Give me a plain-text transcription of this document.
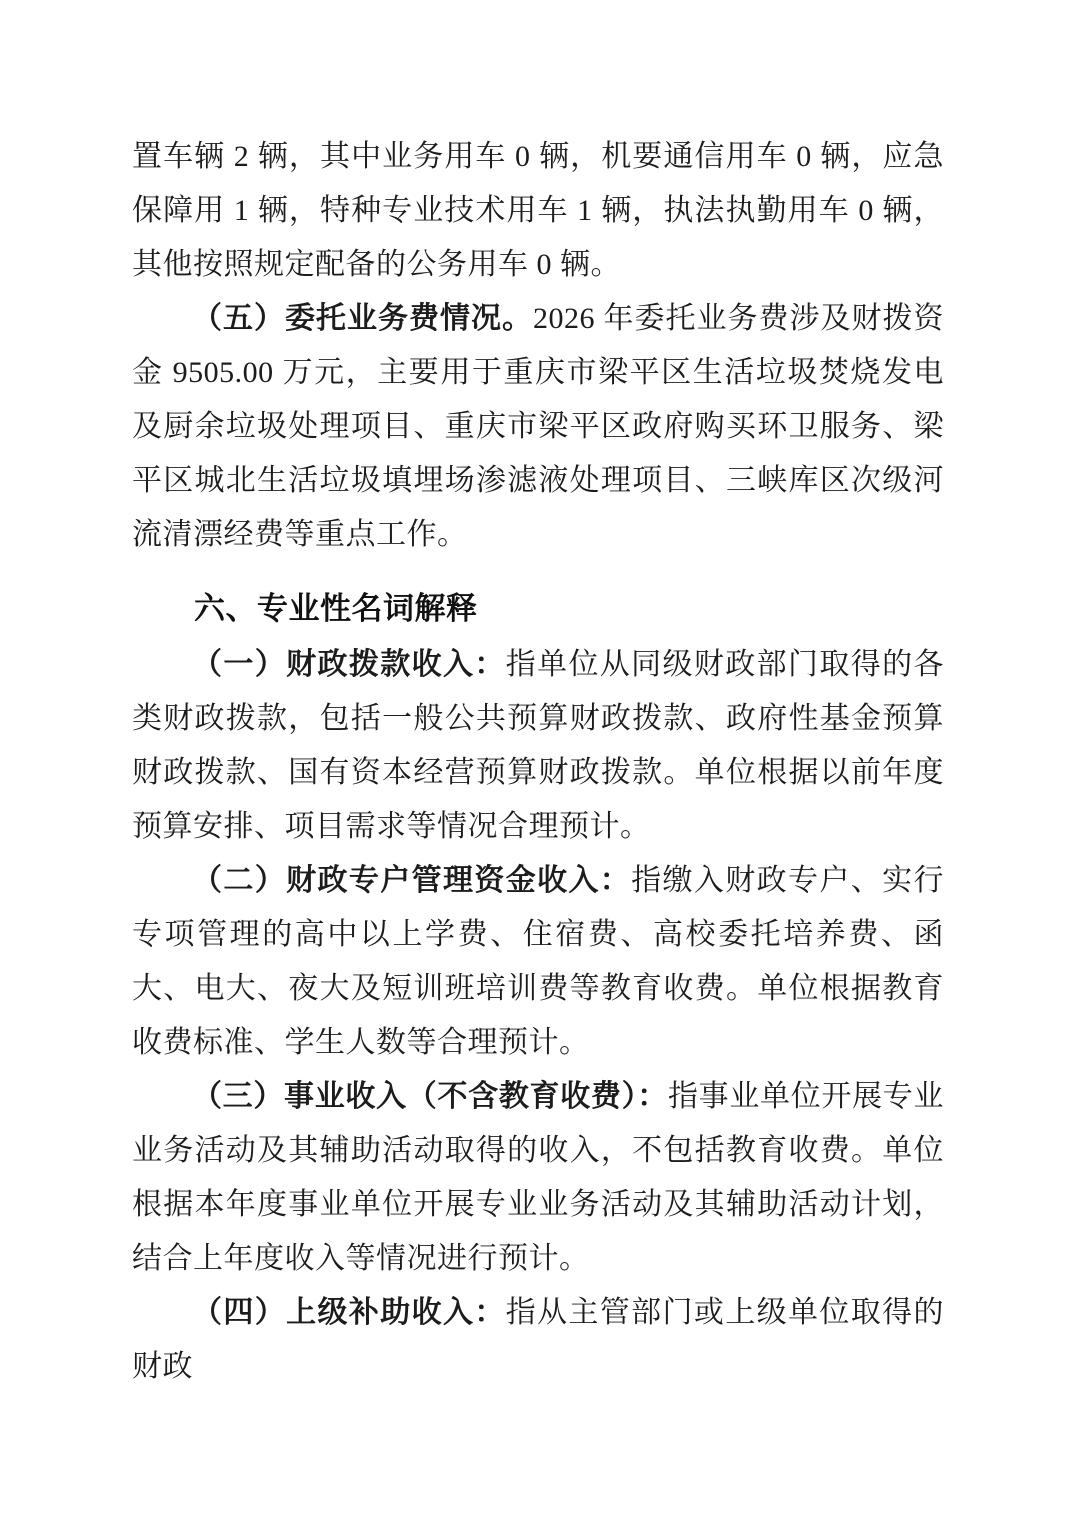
置车辆 2 辆，其中业务用车 0 辆，机要通信用车 0 辆，应急保障用 1 辆，特种专业技术用车 1 辆，执法执勤用车 0 辆，其他按照规定配备的公务用车 0 辆。

（五）委托业务费情况。2026 年委托业务费涉及财拨资金 9505.00 万元，主要用于重庆市梁平区生活垃圾焚烧发电及厨余垃圾处理项目、重庆市梁平区政府购买环卫服务、梁平区城北生活垃圾填埋场渗滤液处理项目、三峡库区次级河流清漂经费等重点工作。

六、专业性名词解释

（一）财政拨款收入：指单位从同级财政部门取得的各类财政拨款，包括一般公共预算财政拨款、政府性基金预算财政拨款、国有资本经营预算财政拨款。单位根据以前年度预算安排、项目需求等情况合理预计。

（二）财政专户管理资金收入：指缴入财政专户、实行专项管理的高中以上学费、住宿费、高校委托培养费、函大、电大、夜大及短训班培训费等教育收费。单位根据教育收费标准、学生人数等合理预计。

（三）事业收入（不含教育收费）：指事业单位开展专业业务活动及其辅助活动取得的收入，不包括教育收费。单位根据本年度事业单位开展专业业务活动及其辅助活动计划，结合上年度收入等情况进行预计。

（四）上级补助收入：指从主管部门或上级单位取得的财政
